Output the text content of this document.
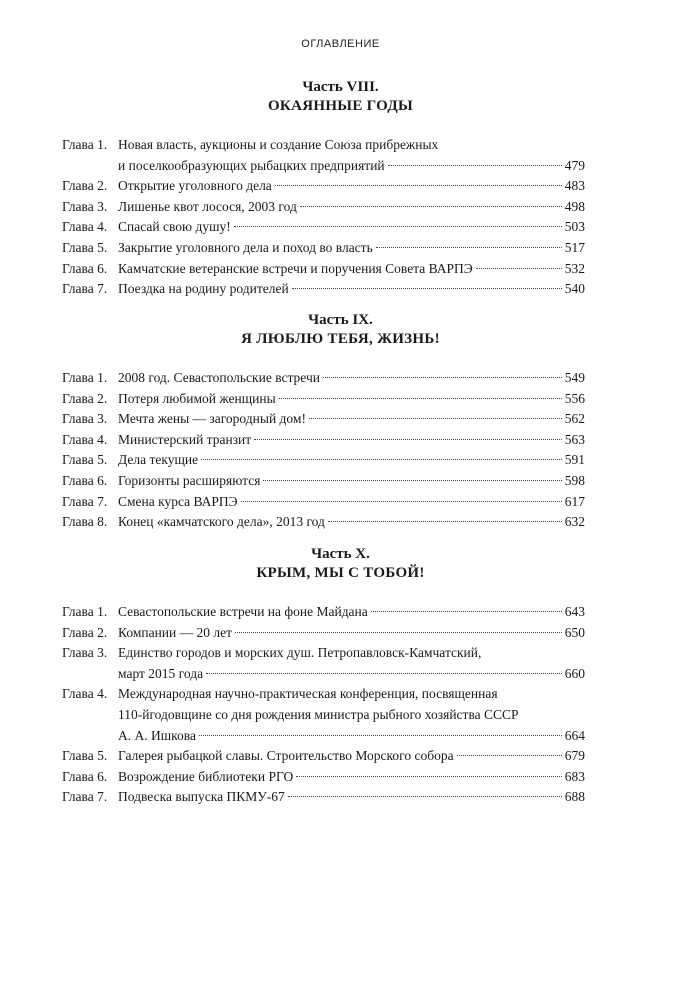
ОГЛАВЛЕНИЕ
Часть VIII.
ОКАЯННЫЕ ГОДЫ
Глава 1. Новая власть, аукционы и создание Союза прибрежных
и поселкообразующих рыбацких предприятий	479
Глава 2. Открытие уголовного дела	483
Глава 3. Лишенье квот лосося, 2003 год	498
Глава 4. Спасай свою душу!	503
Глава 5. Закрытие уголовного дела и поход во власть	517
Глава 6. Камчатские ветеранские встречи и поручения Совета ВАРПЭ	532
Глава 7. Поездка на родину родителей	540
Часть IX.
Я ЛЮБЛЮ ТЕБЯ, ЖИЗНЬ!
Глава 1. 2008 год. Севастопольские встречи	549
Глава 2. Потеря любимой женщины	556
Глава 3. Мечта жены — загородный дом!	562
Глава 4. Министерский транзит	563
Глава 5. Дела текущие	591
Глава 6. Горизонты расширяются	598
Глава 7. Смена курса ВАРПЭ	617
Глава 8. Конец «камчатского дела», 2013 год	632
Часть X.
КРЫМ, МЫ С ТОБОЙ!
Глава 1. Севастопольские встречи на фоне Майдана	643
Глава 2. Компании — 20 лет	650
Глава 3. Единство городов и морских душ. Петропавловск-Камчатский,
март 2015 года	660
Глава 4. Международная научно-практическая конференция, посвященная
110-йгодовщине со дня рождения министра рыбного хозяйства СССР
А. А. Ишкова	664
Глава 5. Галерея рыбацкой славы. Строительство Морского собора	679
Глава 6. Возрождение библиотеки РГО	683
Глава 7. Подвеска выпуска ПКМУ-67	688
